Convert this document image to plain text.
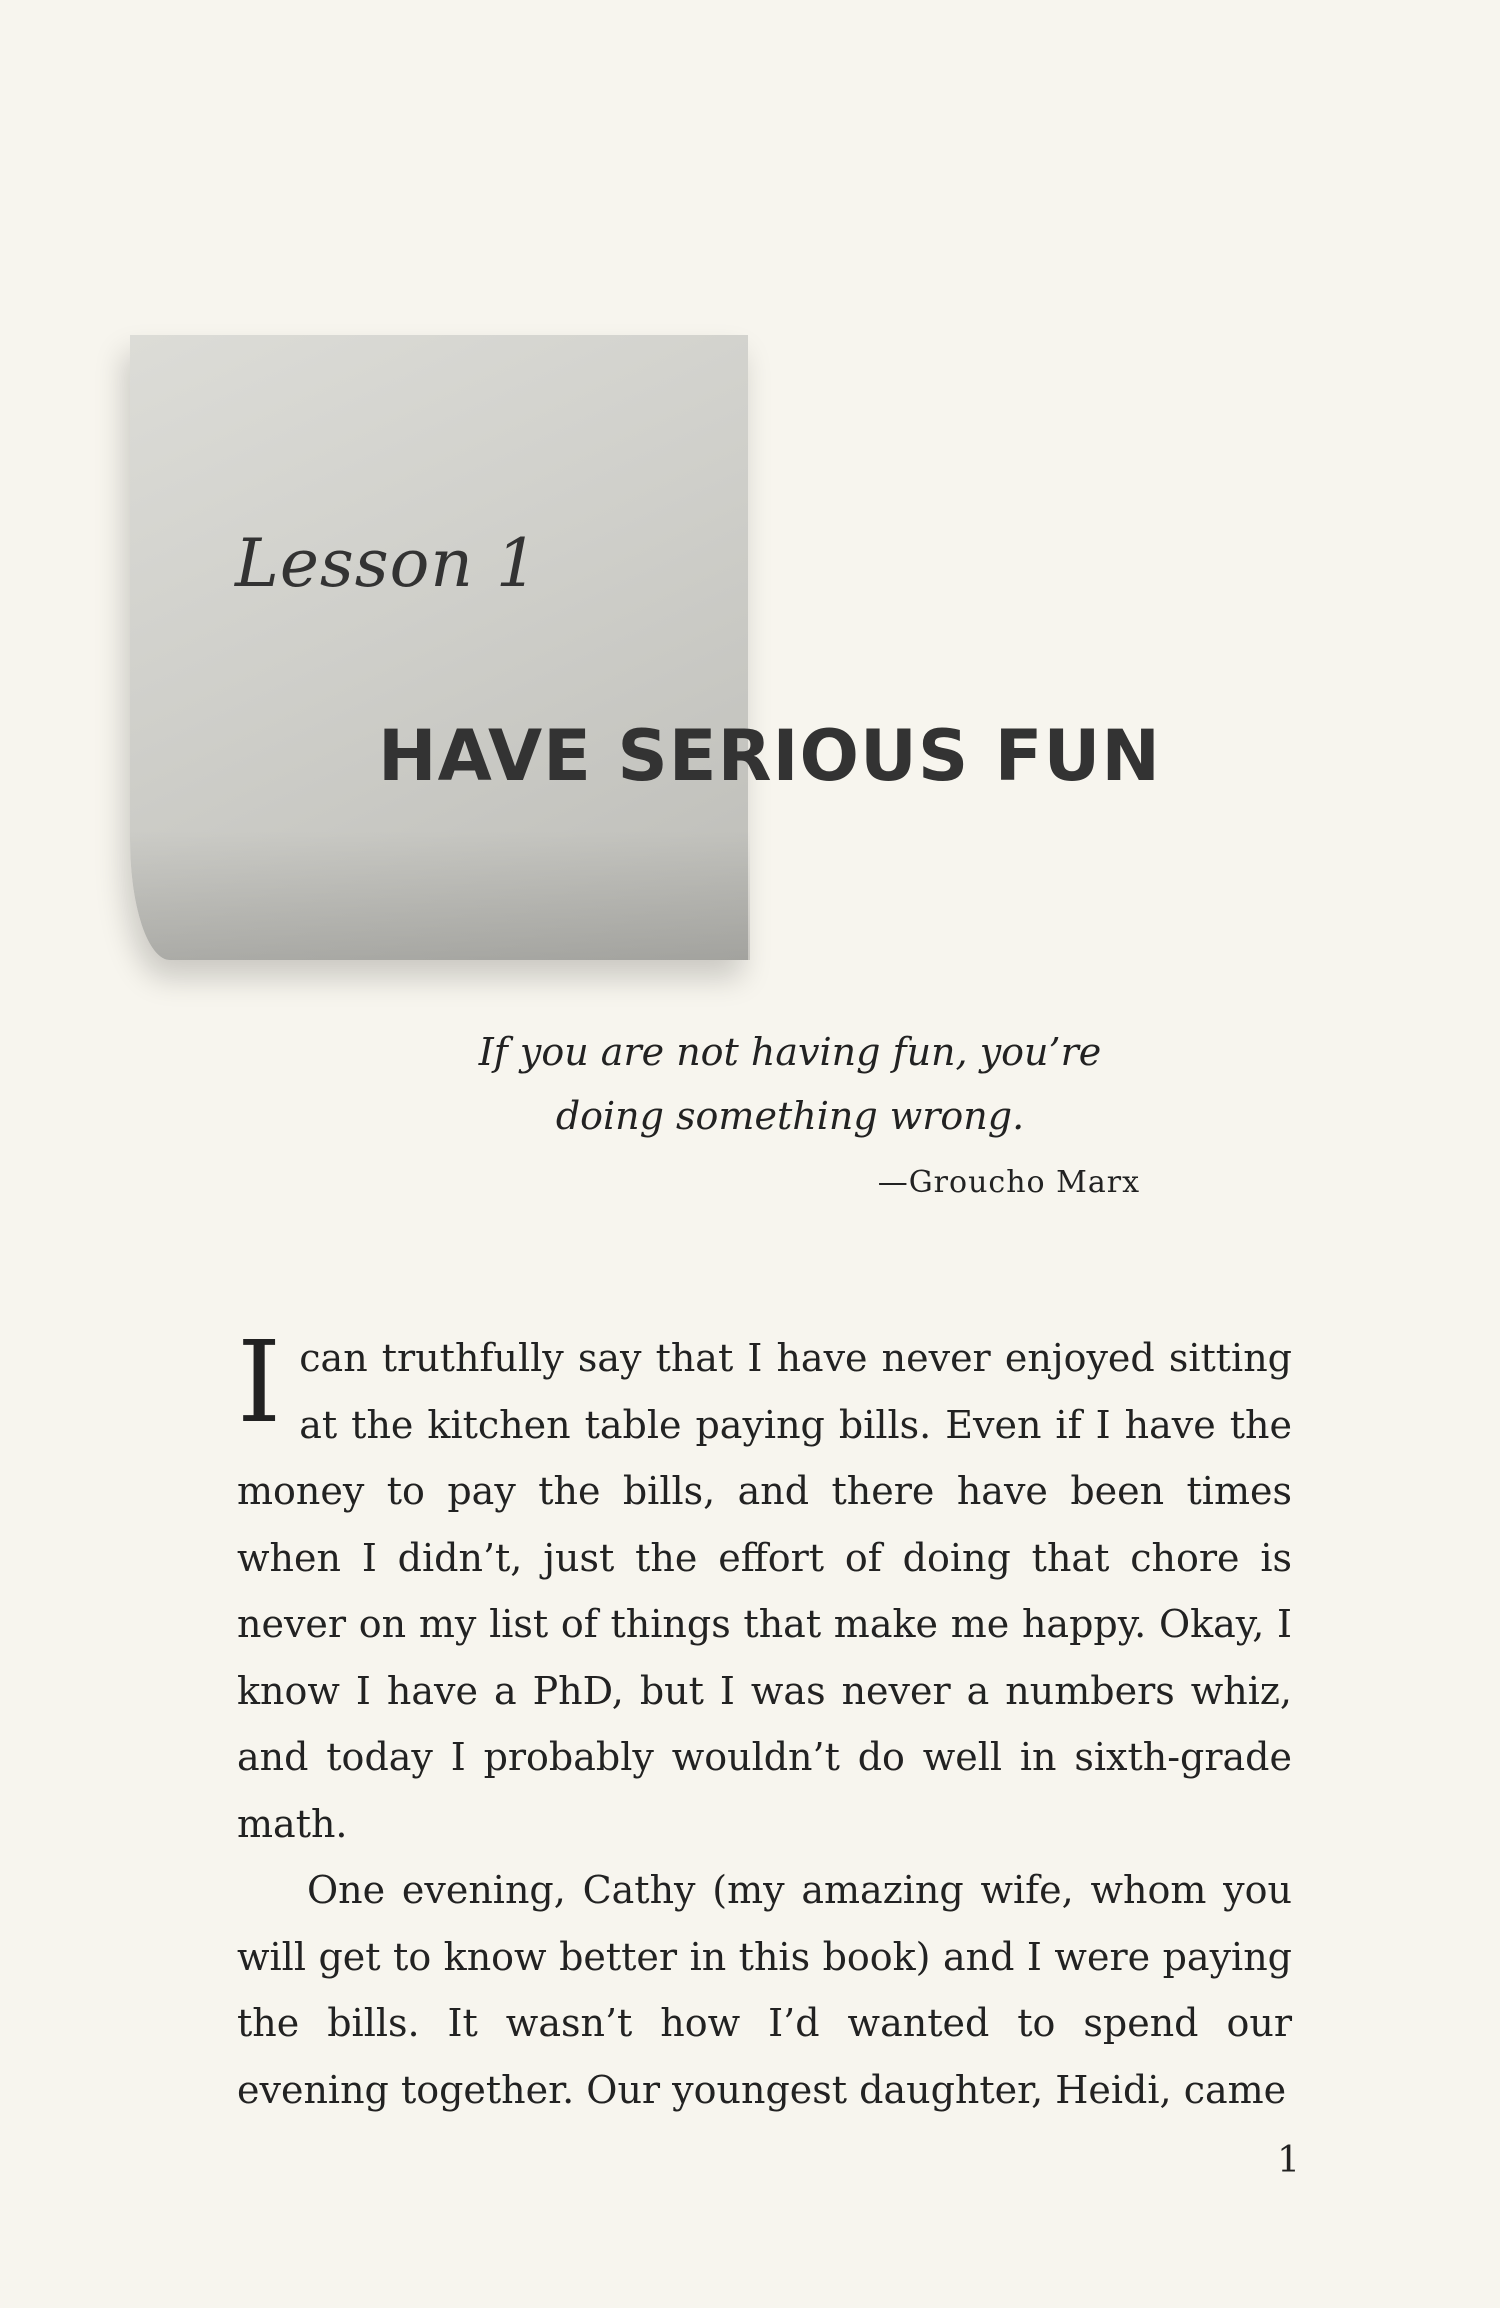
Lesson 1
HAVE SERIOUS FUN
If you are not having fun, you’re
doing something wrong.
—Groucho Marx

I can truthfully say that I have never enjoyed sitting at the kitchen table paying bills. Even if I have the money to pay the bills, and there have been times when I didn’t, just the effort of doing that chore is never on my list of things that make me happy. Okay, I know I have a PhD, but I was never a numbers whiz, and today I probably wouldn’t do well in sixth-grade math.

One evening, Cathy (my amazing wife, whom you will get to know better in this book) and I were paying the bills. It wasn’t how I’d wanted to spend our evening together. Our youngest daughter, Heidi, came

1
